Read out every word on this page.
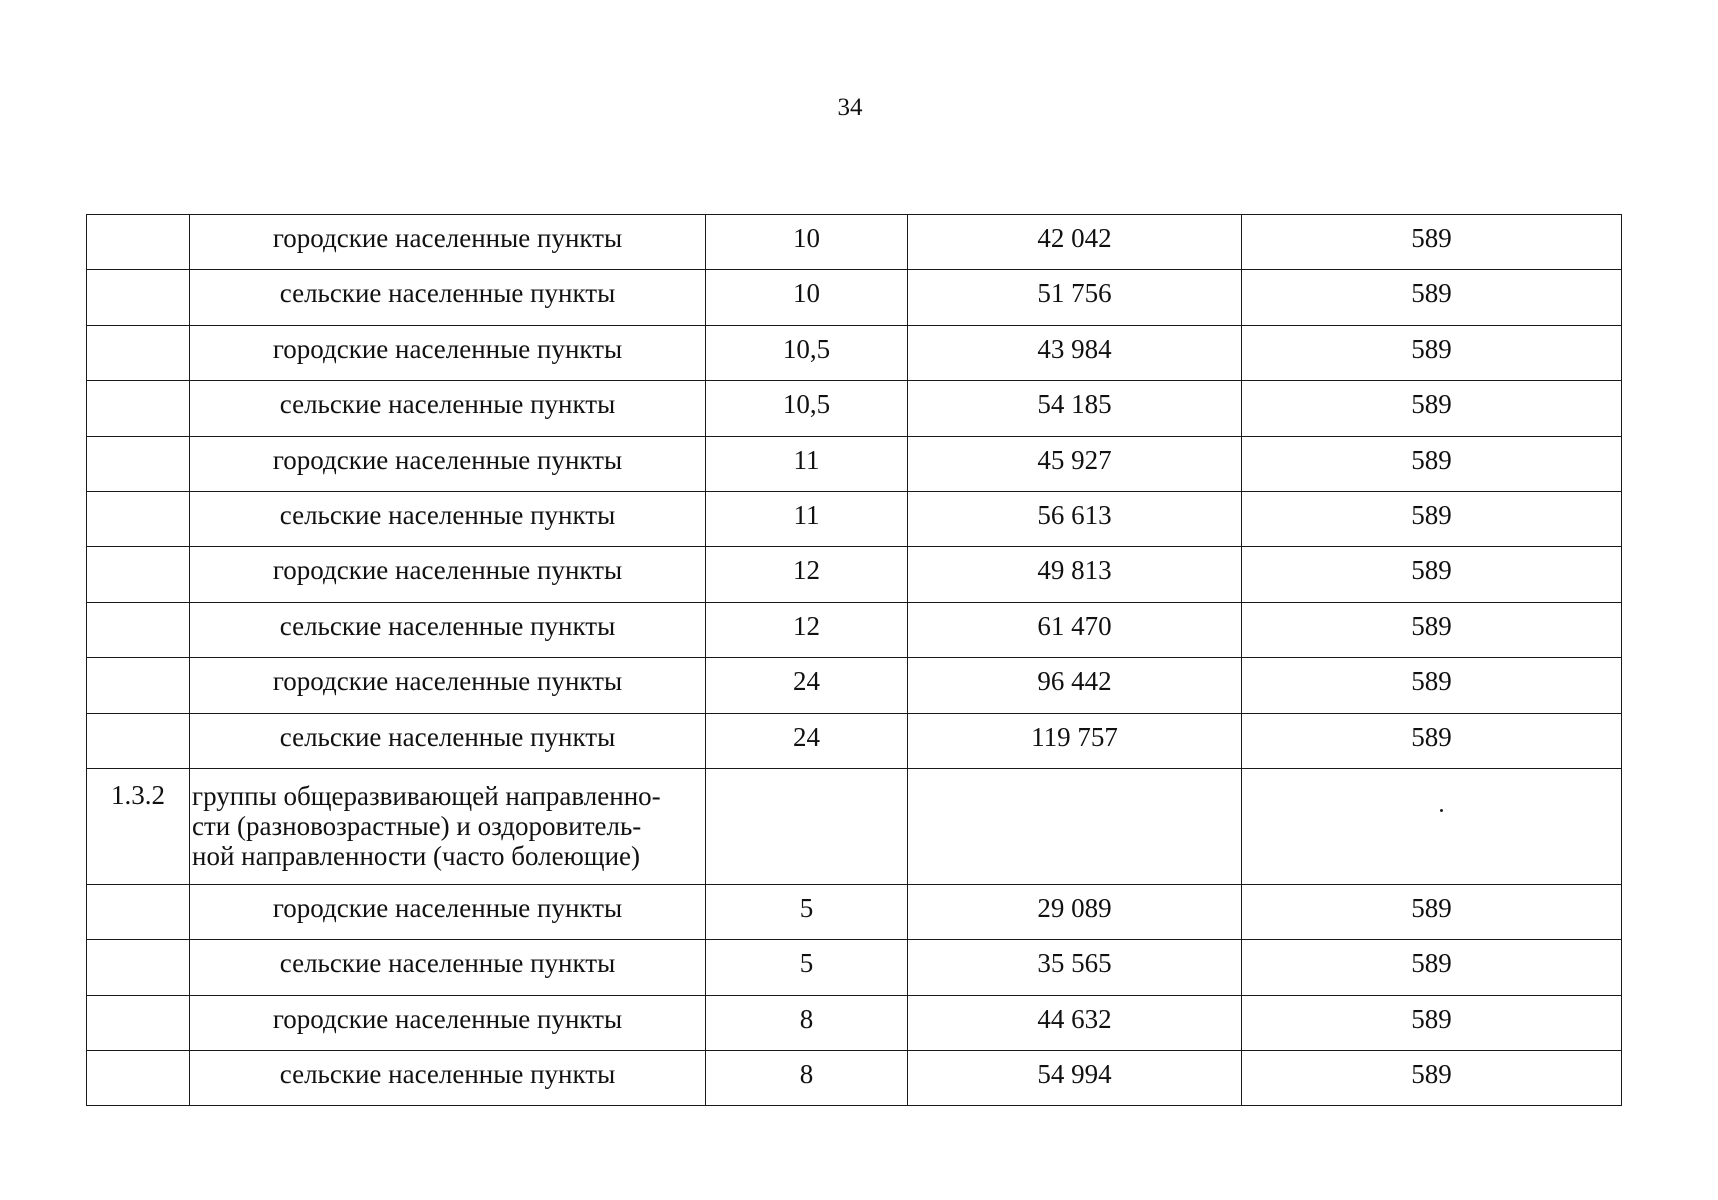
34
	городские населенные пункты	10	42 042	589
	сельские населенные пункты	10	51 756	589
	городские населенные пункты	10,5	43 984	589
	сельские населенные пункты	10,5	54 185	589
	городские населенные пункты	11	45 927	589
	сельские населенные пункты	11	56 613	589
	городские населенные пункты	12	49 813	589
	сельские населенные пункты	12	61 470	589
	городские населенные пункты	24	96 442	589
	сельские населенные пункты	24	119 757	589
1.3.2	группы общеразвивающей направленно-
сти (разновозрастные) и оздоровитель-
ной направленности (часто болеющие)			

	городские населенные пункты	5	29 089	589
	сельские населенные пункты	5	35 565	589
	городские населенные пункты	8	44 632	589
	сельские населенные пункты	8	54 994	589
